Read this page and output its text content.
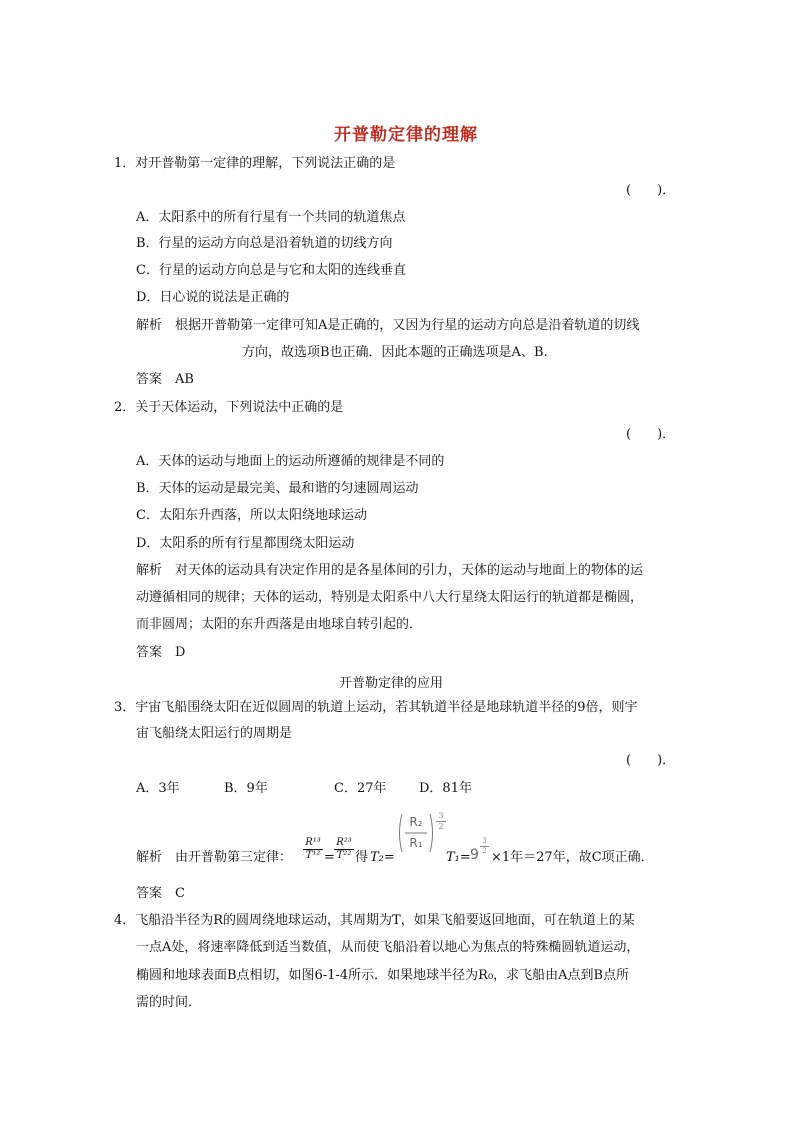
开普勒定律的理解
1．对开普勒第一定律的理解，下列说法正确的是
(　　)．
A．太阳系中的所有行星有一个共同的轨道焦点
B．行星的运动方向总是沿着轨道的切线方向
C．行星的运动方向总是与它和太阳的连线垂直
D．日心说的说法是正确的
解析　根据开普勒第一定律可知A是正确的，又因为行星的运动方向总是沿着轨道的切线
方向，故选项B也正确．因此本题的正确选项是A、B.
答案　AB
2．关于天体运动，下列说法中正确的是
(　　)．
A．天体的运动与地面上的运动所遵循的规律是不同的
B．天体的运动是最完美、最和谐的匀速圆周运动
C．太阳东升西落，所以太阳绕地球运动
D．太阳系的所有行星都围绕太阳运动
解析　对天体的运动具有决定作用的是各星体间的引力，天体的运动与地面上的物体的运
动遵循相同的规律；天体的运动，特别是太阳系中八大行星绕太阳运行的轨道都是椭圆，
而非圆周；太阳的东升西落是由地球自转引起的．
答案　D
开普勒定律的应用
3．宇宙飞船围绕太阳在近似圆周的轨道上运动，若其轨道半径是地球轨道半径的9倍，则宇
宙飞船绕太阳运行的周期是
(　　)．
A．3年	B．9年	C．27年	D．81年
解析　由开普勒第三定律：
R¹³
T¹² =
R²³
T²² 得 T₂=
R₂
R₁
3
2
T₁= 9
3
2 ×1年＝27年，故C项正确．
答案　C
4．飞船沿半径为R的圆周绕地球运动，其周期为T，如果飞船要返回地面，可在轨道上的某
一点A处，将速率降低到适当数值，从而使飞船沿着以地心为焦点的特殊椭圆轨道运动，
椭圆和地球表面B点相切，如图6-1-4所示．如果地球半径为R₀，求飞船由A点到B点所
需的时间．
